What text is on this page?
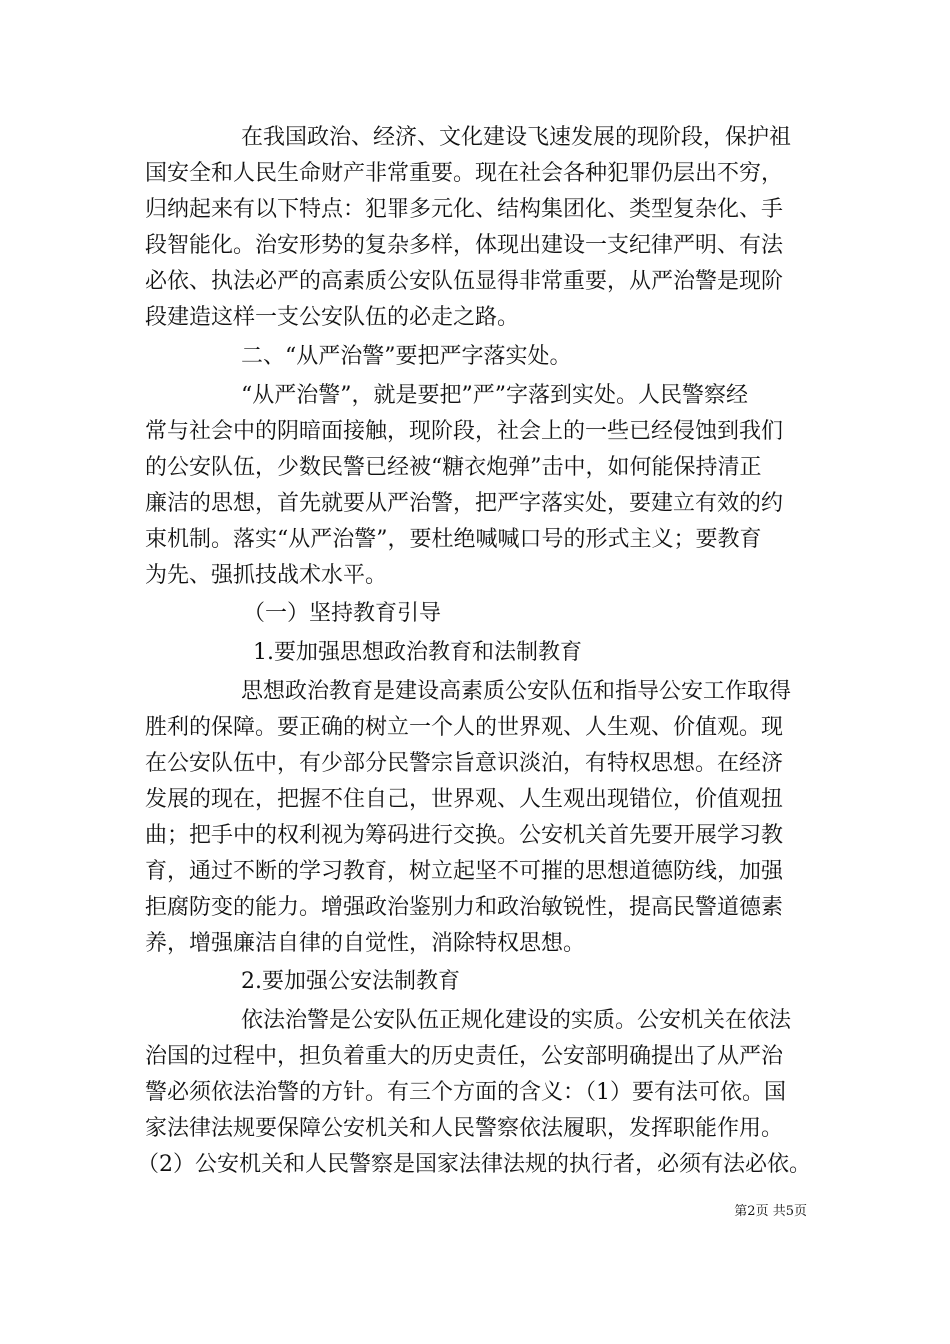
在我国政治、经济、文化建设飞速发展的现阶段，保护祖
国安全和人民生命财产非常重要。现在社会各种犯罪仍层出不穷，
归纳起来有以下特点：犯罪多元化、结构集团化、类型复杂化、手
段智能化。治安形势的复杂多样，体现出建设一支纪律严明、有法
必依、执法必严的高素质公安队伍显得非常重要，从严治警是现阶
段建造这样一支公安队伍的必走之路。
二、“从严治警”要把严字落实处。
“从严治警”，就是要把”严”字落到实处。人民警察经
常与社会中的阴暗面接触，现阶段，社会上的一些已经侵蚀到我们
的公安队伍，少数民警已经被“糖衣炮弹”击中，如何能保持清正
廉洁的思想，首先就要从严治警，把严字落实处，要建立有效的约
束机制。落实“从严治警”，要杜绝喊喊口号的形式主义；要教育
为先、强抓技战术水平。
（一）坚持教育引导
1.要加强思想政治教育和法制教育
思想政治教育是建设高素质公安队伍和指导公安工作取得
胜利的保障。要正确的树立一个人的世界观、人生观、价值观。现
在公安队伍中，有少部分民警宗旨意识淡泊，有特权思想。在经济
发展的现在，把握不住自己，世界观、人生观出现错位，价值观扭
曲；把手中的权利视为筹码进行交换。公安机关首先要开展学习教
育，通过不断的学习教育，树立起坚不可摧的思想道德防线，加强
拒腐防变的能力。增强政治鉴别力和政治敏锐性，提高民警道德素
养，增强廉洁自律的自觉性，消除特权思想。
2.要加强公安法制教育
依法治警是公安队伍正规化建设的实质。公安机关在依法
治国的过程中，担负着重大的历史责任，公安部明确提出了从严治
警必须依法治警的方针。有三个方面的含义：（1）要有法可依。国
家法律法规要保障公安机关和人民警察依法履职，发挥职能作用。
（2）公安机关和人民警察是国家法律法规的执行者，必须有法必依。
第2页 共5页
